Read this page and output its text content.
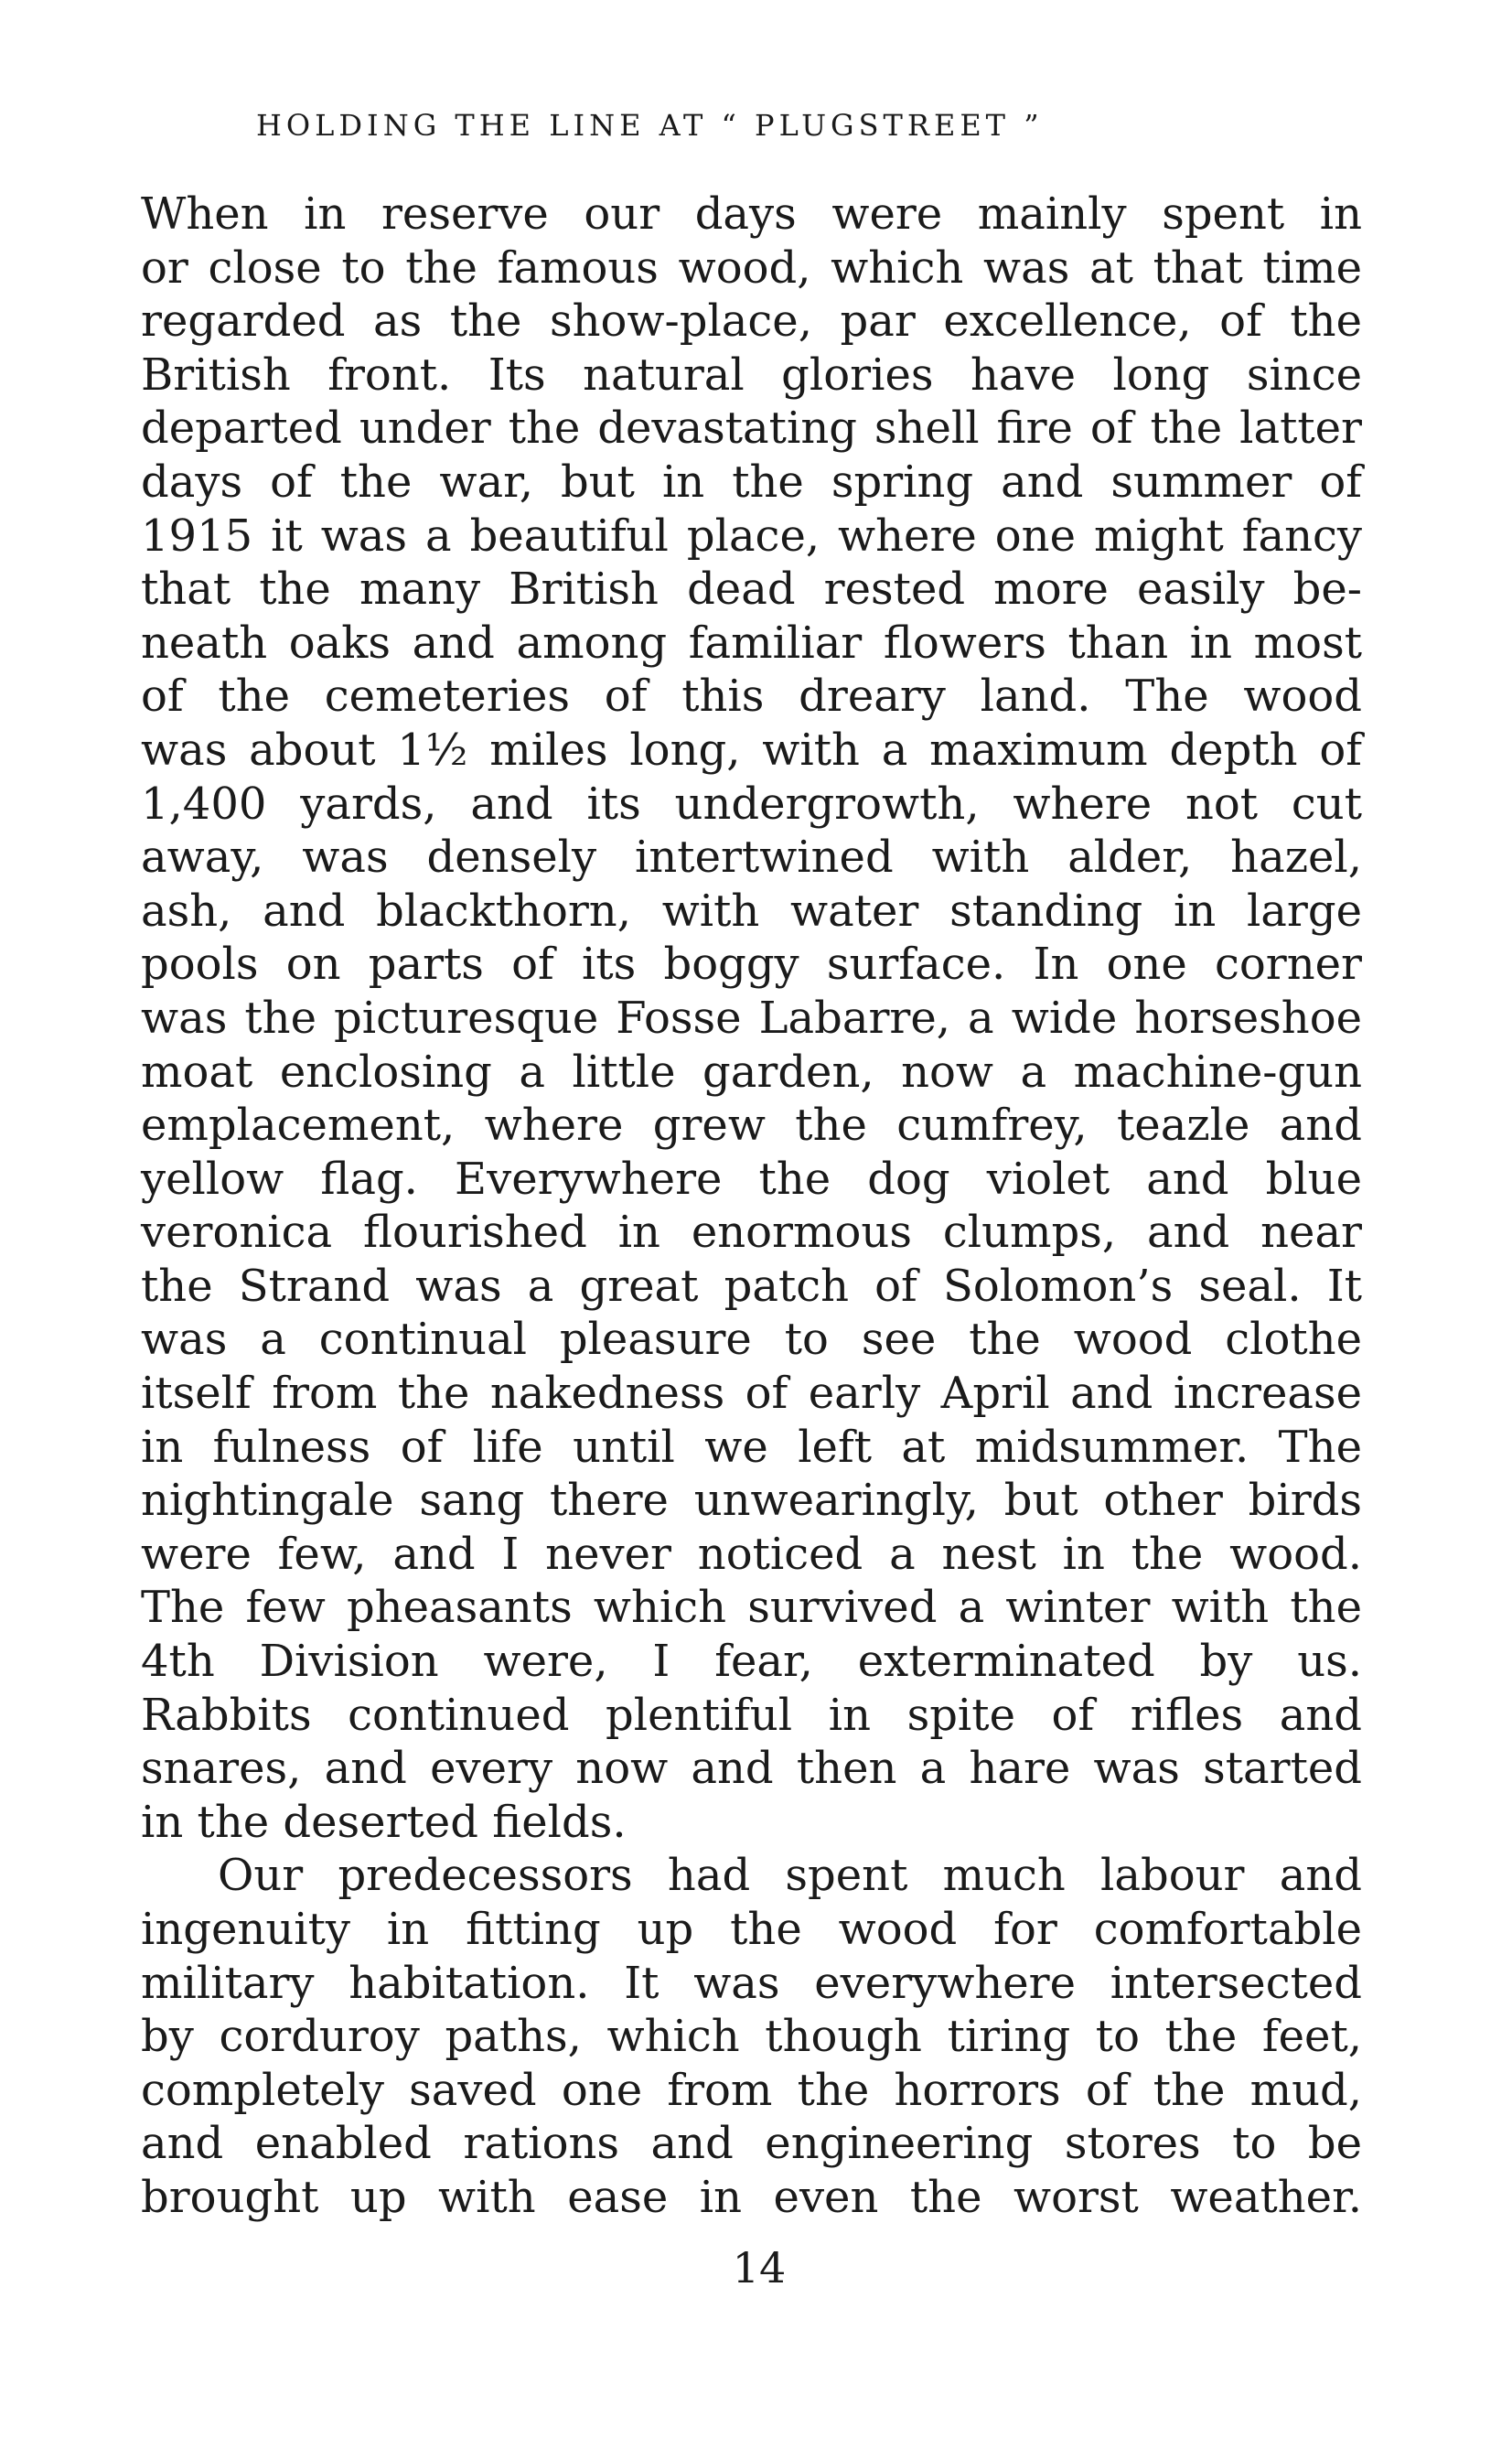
HOLDING THE LINE AT “ PLUGSTREET ”
When in reserve our days were mainly spent in
or close to the famous wood, which was at that time
regarded as the show-place, par excellence, of the
British front. Its natural glories have long since
departed under the devastating shell fire of the latter
days of the war, but in the spring and summer of
1915 it was a beautiful place, where one might fancy
that the many British dead rested more easily be-
neath oaks and among familiar flowers than in most
of the cemeteries of this dreary land. The wood
was about 1½ miles long, with a maximum depth of
1,400 yards, and its undergrowth, where not cut
away, was densely intertwined with alder, hazel,
ash, and blackthorn, with water standing in large
pools on parts of its boggy surface. In one corner
was the picturesque Fosse Labarre, a wide horseshoe
moat enclosing a little garden, now a machine-gun
emplacement, where grew the cumfrey, teazle and
yellow flag. Everywhere the dog violet and blue
veronica flourished in enormous clumps, and near
the Strand was a great patch of Solomon’s seal. It
was a continual pleasure to see the wood clothe
itself from the nakedness of early April and increase
in fulness of life until we left at midsummer. The
nightingale sang there unwearingly, but other birds
were few, and I never noticed a nest in the wood.
The few pheasants which survived a winter with the
4th Division were, I fear, exterminated by us.
Rabbits continued plentiful in spite of rifles and
snares, and every now and then a hare was started
in the deserted fields.
Our predecessors had spent much labour and
ingenuity in fitting up the wood for comfortable
military habitation. It was everywhere intersected
by corduroy paths, which though tiring to the feet,
completely saved one from the horrors of the mud,
and enabled rations and engineering stores to be
brought up with ease in even the worst weather.
14
